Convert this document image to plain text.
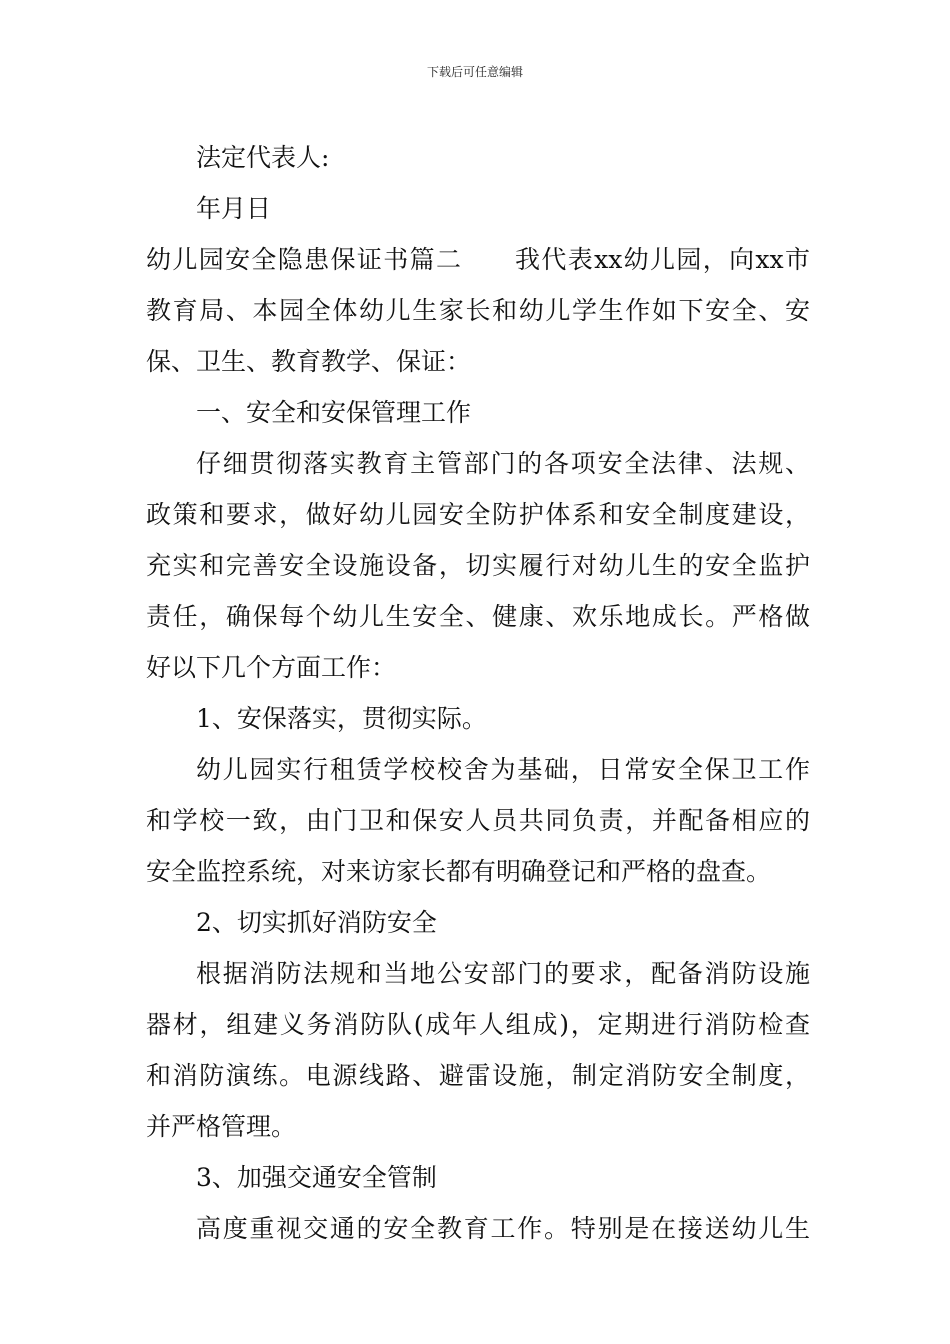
下载后可任意编辑
法定代表人:
年月日
幼儿园安全隐患保证书篇二　　我代表xx幼儿园，向xx市
教育局、本园全体幼儿生家长和幼儿学生作如下安全、安
保、卫生、教育教学、保证：
一、安全和安保管理工作
仔细贯彻落实教育主管部门的各项安全法律、法规、
政策和要求，做好幼儿园安全防护体系和安全制度建设，
充实和完善安全设施设备，切实履行对幼儿生的安全监护
责任，确保每个幼儿生安全、健康、欢乐地成长。严格做
好以下几个方面工作：
1、安保落实，贯彻实际。
幼儿园实行租赁学校校舍为基础，日常安全保卫工作
和学校一致，由门卫和保安人员共同负责，并配备相应的
安全监控系统，对来访家长都有明确登记和严格的盘查。
2、切实抓好消防安全
根据消防法规和当地公安部门的要求，配备消防设施
器材，组建义务消防队(成年人组成)，定期进行消防检查
和消防演练。电源线路、避雷设施，制定消防安全制度，
并严格管理。
3、加强交通安全管制
高度重视交通的安全教育工作。特别是在接送幼儿生
